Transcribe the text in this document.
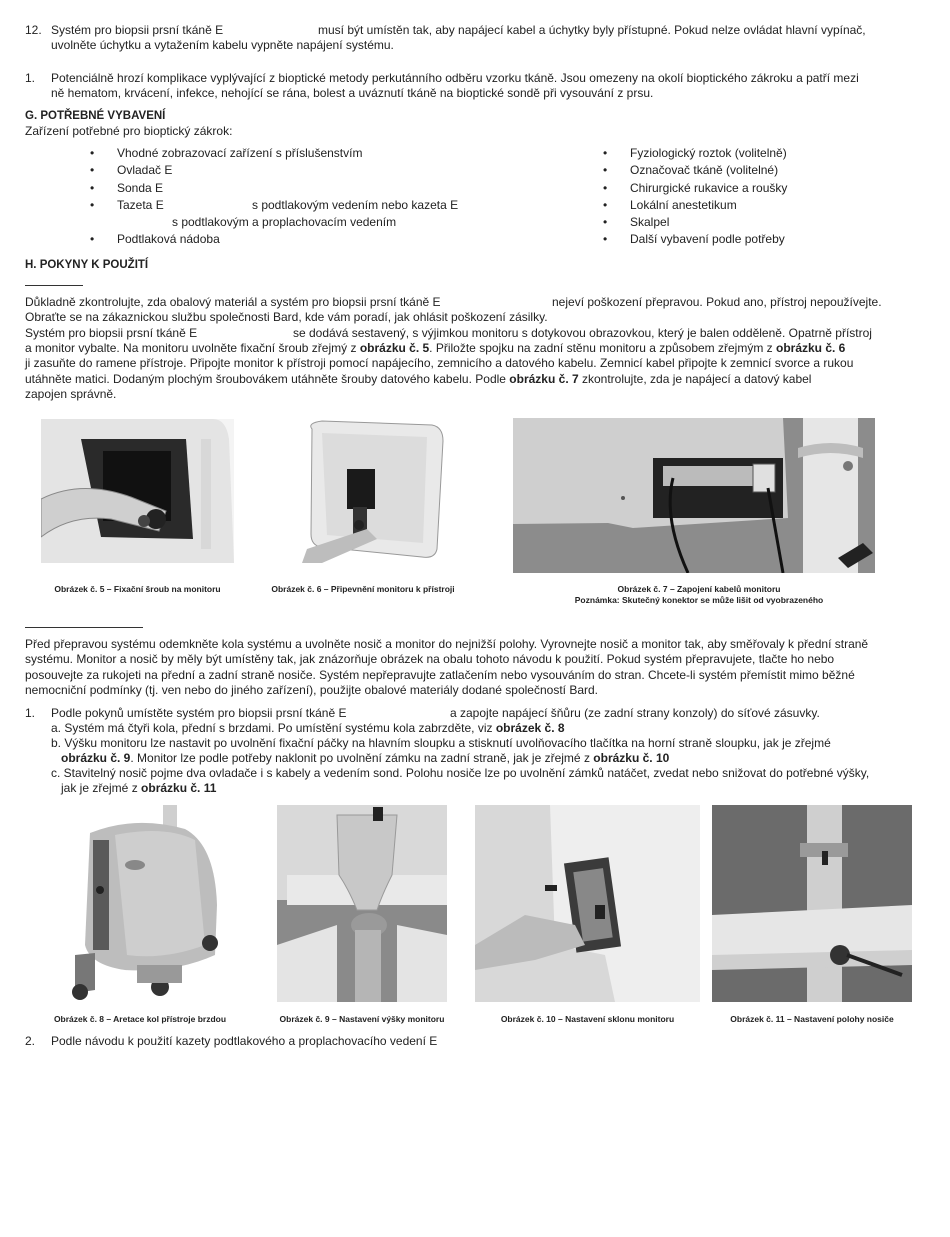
12. Systém pro biopsii prsní tkáně E	musí být umístěn tak, aby napájecí kabel a úchytky byly přístupné. Pokud nelze ovládat hlavní vypínač,
uvolněte úchytku a vytažením kabelu vypněte napájení systému.
1. Potenciálně hrozí komplikace vyplývající z bioptické metody perkutánního odběru vzorku tkáně. Jsou omezeny na okolí bioptického zákroku a patří mezi
ně hematom, krvácení, infekce, nehojící se rána, bolest a uváznutí tkáně na bioptické sondě při vysouvání z prsu.
G. POTŘEBNÉ VYBAVENÍ
Zařízení potřebné pro bioptický zákrok:
• Vhodné zobrazovací zařízení s příslušenstvím
• Ovladač E
• Sonda E
• Tazeta E	s podtlakovým vedením nebo kazeta E
s podtlakovým a proplachovacím vedením
• Podtlaková nádoba
• Fyziologický roztok (volitelně)
• Označovač tkáně (volitelné)
• Chirurgické rukavice a roušky
• Lokální anestetikum
• Skalpel
• Další vybavení podle potřeby
H. POKYNY K POUŽITÍ
Důkladně zkontrolujte, zda obalový materiál a systém pro biopsii prsní tkáně E	nejeví poškození přepravou. Pokud ano, přístroj nepoužívejte.
Obraťte se na zákaznickou službu společnosti Bard, kde vám poradí, jak ohlásit poškození zásilky.
Systém pro biopsii prsní tkáně E	se dodává sestavený, s výjimkou monitoru s dotykovou obrazovkou, který je balen odděleně. Opatrně přístroj
a monitor vybalte. Na monitoru uvolněte fixační šroub zřejmý z obrázku č. 5. Přiložte spojku na zadní stěnu monitoru a způsobem zřejmým z obrázku č. 6
ji zasuňte do ramene přístroje. Připojte monitor k přístroji pomocí napájecího, zemnicího a datového kabelu. Zemnicí kabel připojte k zemnicí svorce a rukou
utáhněte matici. Dodaným plochým šroubovákem utáhněte šrouby datového kabelu. Podle obrázku č. 7 zkontrolujte, zda je napájecí a datový kabel
zapojen správně.
Obrázek č. 5 – Fixační šroub na monitoru	Obrázek č. 6 – Připevnění monitoru k přístroji	Obrázek č. 7 – Zapojení kabelů monitoru
Poznámka: Skutečný konektor se může lišit od vyobrazeného
Před přepravou systému odemkněte kola systému a uvolněte nosič a monitor do nejnižší polohy. Vyrovnejte nosič a monitor tak, aby směřovaly k přední straně
systému. Monitor a nosič by měly být umístěny tak, jak znázorňuje obrázek na obalu tohoto návodu k použití. Pokud systém přepravujete, tlačte ho nebo
posouvejte za rukojeti na přední a zadní straně nosiče. Systém nepřepravujte zatlačením nebo vysouváním do stran. Chcete-li systém přemístit mimo běžné
nemocniční podmínky (tj. ven nebo do jiného zařízení), použijte obalové materiály dodané společností Bard.
1. Podle pokynů umístěte systém pro biopsii prsní tkáně E	a zapojte napájecí šňůru (ze zadní strany konzoly) do síťové zásuvky.
a. Systém má čtyři kola, přední s brzdami. Po umístění systému kola zabrzděte, viz obrázek č. 8
b. Výšku monitoru lze nastavit po uvolnění fixační páčky na hlavním sloupku a stisknutí uvolňovacího tlačítka na horní straně sloupku, jak je zřejmé
obrázku č. 9. Monitor lze podle potřeby naklonit po uvolnění zámku na zadní straně, jak je zřejmé z obrázku č. 10
c. Stavitelný nosič pojme dva ovladače i s kabely a vedením sond. Polohu nosiče lze po uvolnění zámků natáčet, zvedat nebo snižovat do potřebné výšky,
jak je zřejmé z obrázku č. 11
Obrázek č. 8 – Aretace kol přístroje brzdou	Obrázek č. 9 – Nastavení výšky monitoru	Obrázek č. 10 – Nastavení sklonu monitoru	Obrázek č. 11 – Nastavení polohy nosiče
2. Podle návodu k použití kazety podtlakového a proplachovacího vedení E
